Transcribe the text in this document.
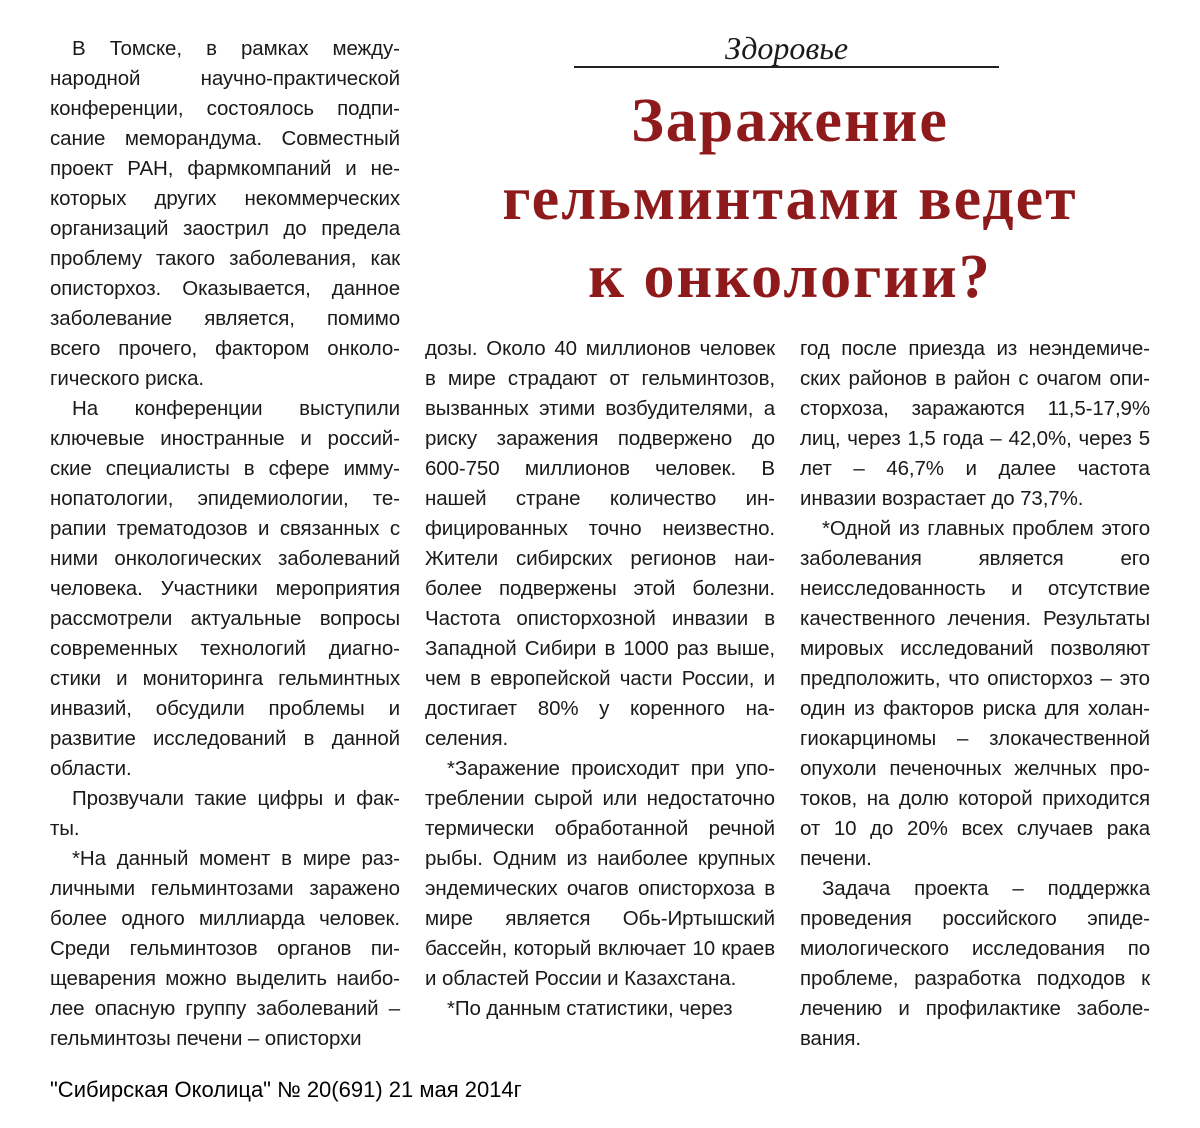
Здоровье
Заражение
гельминтами ведет
к онкологии?

В Томске, в рамках международной научно-практической конференции, состоялось подписание меморандума. Совместный проект РАН, фармкомпаний и некоторых других некоммерческих организаций заострил до предела проблему такого заболевания, как описторхоз. Оказывается, данное заболевание является, помимо всего прочего, фактором онкологического риска.

На конференции выступили ключевые иностранные и российские специалисты в сфере иммунопатологии, эпидемиологии, терапии трематодозов и связанных с ними онкологических заболеваний человека. Участники мероприятия рассмотрели актуальные вопросы современных технологий диагностики и мониторинга гельминтных инвазий, обсудили проблемы и развитие исследований в данной области.

Прозвучали такие цифры и факты.

*На данный момент в мире различными гельминтозами заражено более одного миллиарда человек. Среди гельминтозов органов пищеварения можно выделить наиболее опасную группу заболеваний – гельминтозы печени – описторхи

дозы. Около 40 миллионов человек в мире страдают от гельминтозов, вызванных этими возбудителями, а риску заражения подвержено до 600-750 миллионов человек. В нашей стране количество инфицированных точно неизвестно. Жители сибирских регионов наиболее подвержены этой болезни. Частота описторхозной инвазии в Западной Сибири в 1000 раз выше, чем в европейской части России, и достигает 80% у коренного населения.

*Заражение происходит при употреблении сырой или недостаточно термически обработанной речной рыбы. Одним из наиболее крупных эндемических очагов описторхоза в мире является Обь-Иртышский бассейн, который включает 10 краев и областей России и Казахстана.

*По данным статистики, через

год после приезда из неэндемических районов в район с очагом описторхоза, заражаются 11,5-17,9% лиц, через 1,5 года – 42,0%, через 5 лет – 46,7% и далее частота инвазии возрастает до 73,7%.

*Одной из главных проблем этого заболевания является его неисследованность и отсутствие качественного лечения. Результаты мировых исследований позволяют предположить, что описторхоз – это один из факторов риска для холангиокарциномы – злокачественной опухоли печеночных желчных протоков, на долю которой приходится от 10 до 20% всех случаев рака печени.

Задача проекта – поддержка проведения российского эпидемиологического исследования по проблеме, разработка подходов к лечению и профилактике заболевания.

"Сибирская Околица" № 20(691) 21 мая 2014г
